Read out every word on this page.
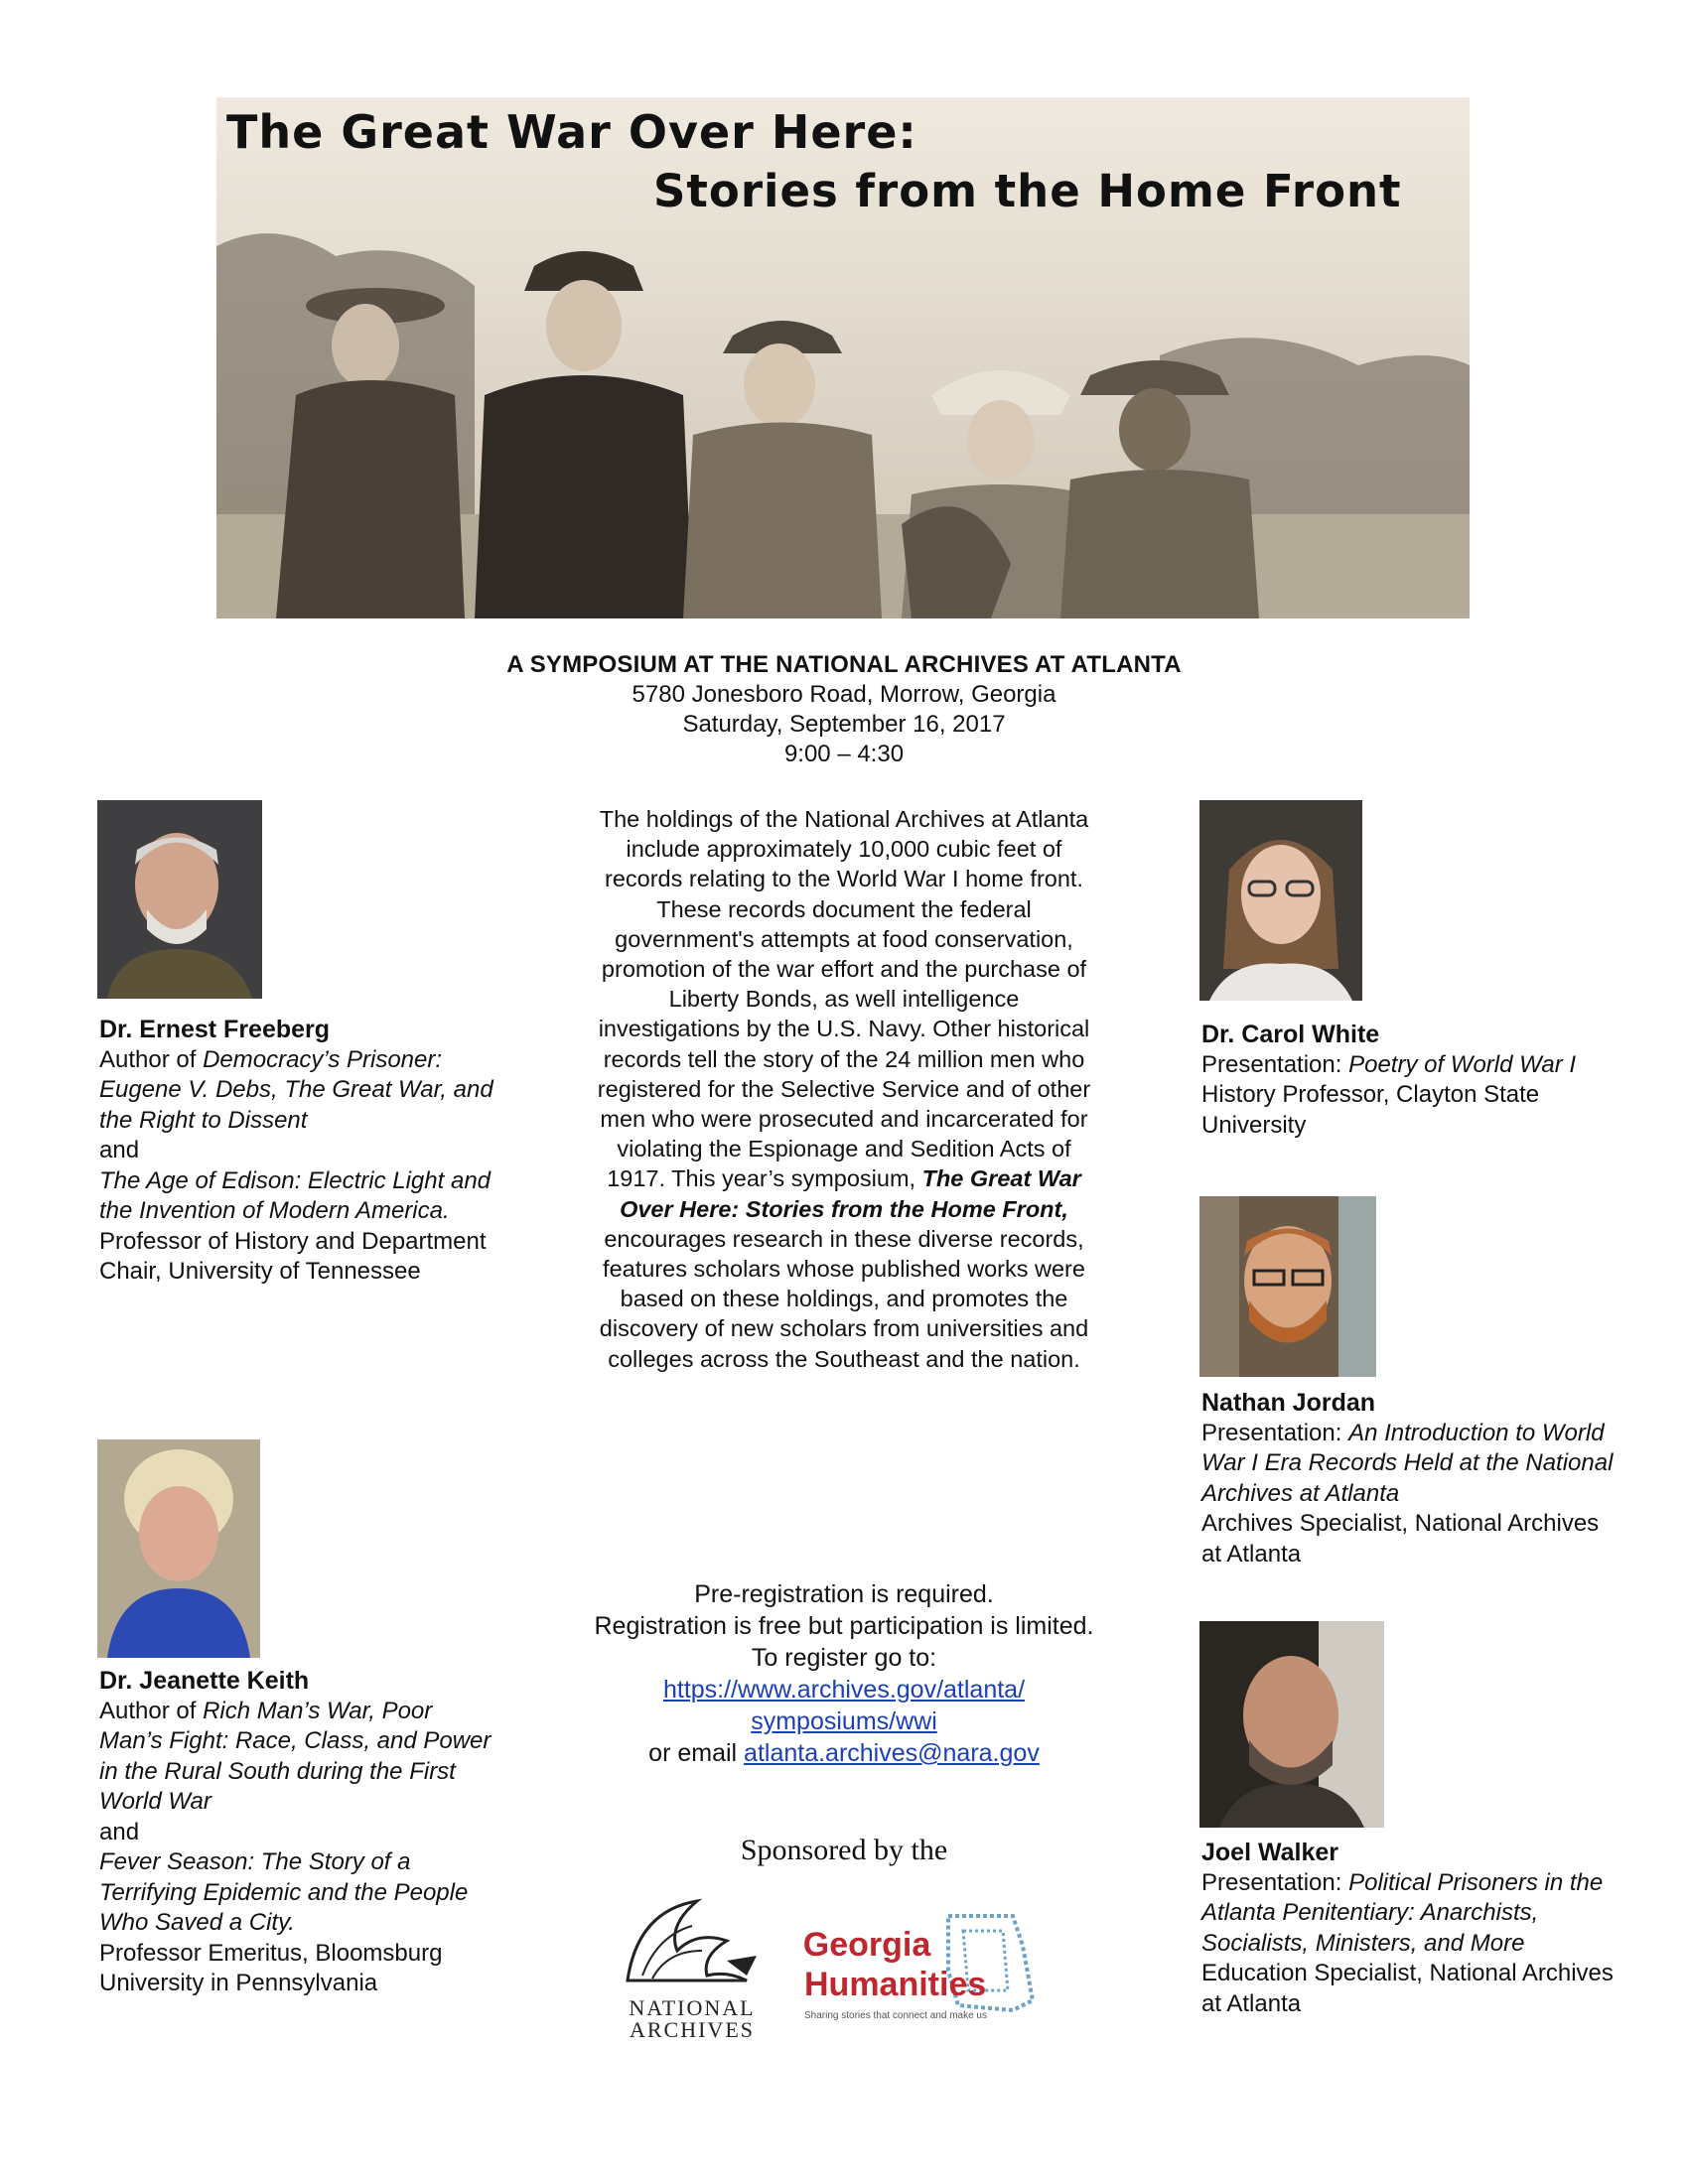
The Great War Over Here:
Stories from the Home Front
A SYMPOSIUM AT THE NATIONAL ARCHIVES AT ATLANTA
5780 Jonesboro Road, Morrow, Georgia
Saturday, September 16, 2017
9:00 – 4:30
Dr. Ernest Freeberg
Author of Democracy’s Prisoner: Eugene V. Debs, The Great War, and the Right to Dissent
and
The Age of Edison: Electric Light and the Invention of Modern America.
Professor of History and Department Chair, University of Tennessee
Dr. Jeanette Keith
Author of Rich Man’s War, Poor Man’s Fight: Race, Class, and Power in the Rural South during the First World War
and
Fever Season: The Story of a Terrifying Epidemic and the People Who Saved a City.
Professor Emeritus, Bloomsburg University in Pennsylvania
The holdings of the National Archives at Atlanta include approximately 10,000 cubic feet of records relating to the World War I home front. These records document the federal government's attempts at food conservation, promotion of the war effort and the purchase of Liberty Bonds, as well intelligence investigations by the U.S. Navy. Other historical records tell the story of the 24 million men who registered for the Selective Service and of other men who were prosecuted and incarcerated for violating the Espionage and Sedition Acts of 1917. This year’s symposium, The Great War Over Here: Stories from the Home Front, encourages research in these diverse records, features scholars whose published works were based on these holdings, and promotes the discovery of new scholars from universities and colleges across the Southeast and the nation.
Pre-registration is required.
Registration is free but participation is limited.
To register go to:
https://www.archives.gov/atlanta/ symposiums/wwi
or email atlanta.archives@nara.gov
Sponsored by the
NATIONAL
ARCHIVES
Georgia
Humanities
Sharing stories that connect and make us
Dr. Carol White
Presentation: Poetry of World War I
History Professor, Clayton State University
Nathan Jordan
Presentation: An Introduction to World War I Era Records Held at the National Archives at Atlanta
Archives Specialist, National Archives at Atlanta
Joel Walker
Presentation: Political Prisoners in the Atlanta Penitentiary: Anarchists, Socialists, Ministers, and More
Education Specialist, National Archives at Atlanta
